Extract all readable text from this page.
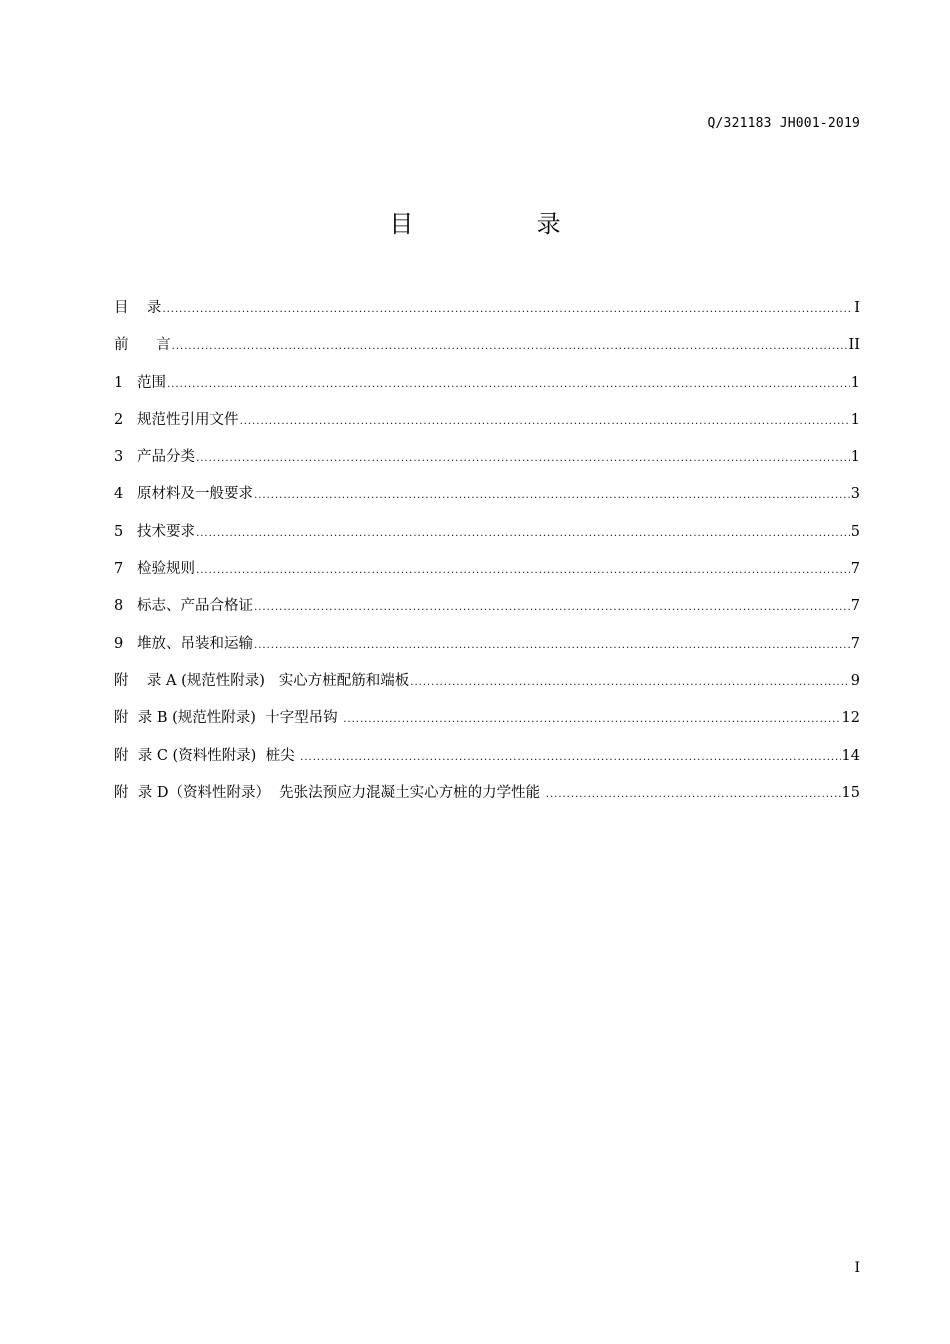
Q/321183 JH001-2019
目  录
目    录 .....	I
前      言 .....	II
1   范围 .....	1
2   规范性引用文件 .....	1
3   产品分类 .....	1
4   原材料及一般要求 .....	3
5   技术要求 .....	5
7   检验规则 .....	7
8   标志、产品合格证 .....	7
9   堆放、吊装和运输 .....	7
附    录 A (规范性附录)   实心方桩配筋和端板 .....	9
附  录 B (规范性附录)  十字型吊钩 .....	12
附  录 C (资料性附录)  桩尖 .....	14
附  录 D（资料性附录）  先张法预应力混凝土实心方桩的力学性能 .....	15
I
